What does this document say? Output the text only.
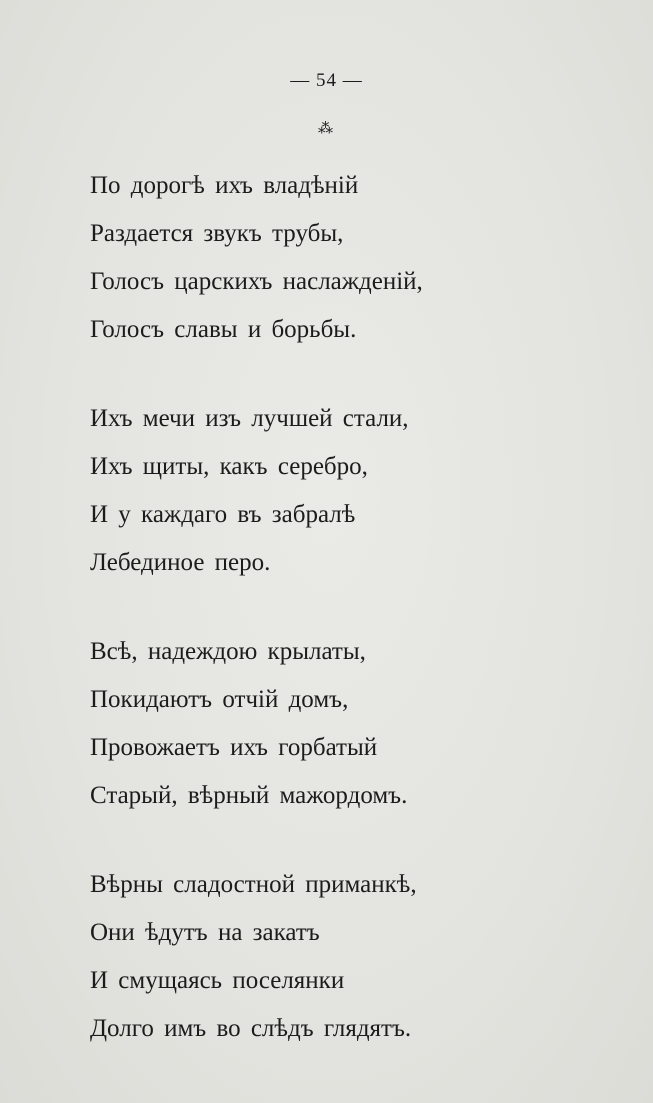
— 54 —
⁂
По дорогѣ ихъ владѣній
Раздается звукъ трубы,
Голосъ царскихъ наслажденій,
Голосъ славы и борьбы.
Ихъ мечи изъ лучшей стали,
Ихъ щиты, какъ серебро,
И у каждаго въ забралѣ
Лебединое перо.
Всѣ, надеждою крылаты,
Покидаютъ отчій домъ,
Провожаетъ ихъ горбатый
Старый, вѣрный мажордомъ.
Вѣрны сладостной приманкѣ,
Они ѣдутъ на закатъ
И смущаясь поселянки
Долго имъ во слѣдъ глядятъ.
